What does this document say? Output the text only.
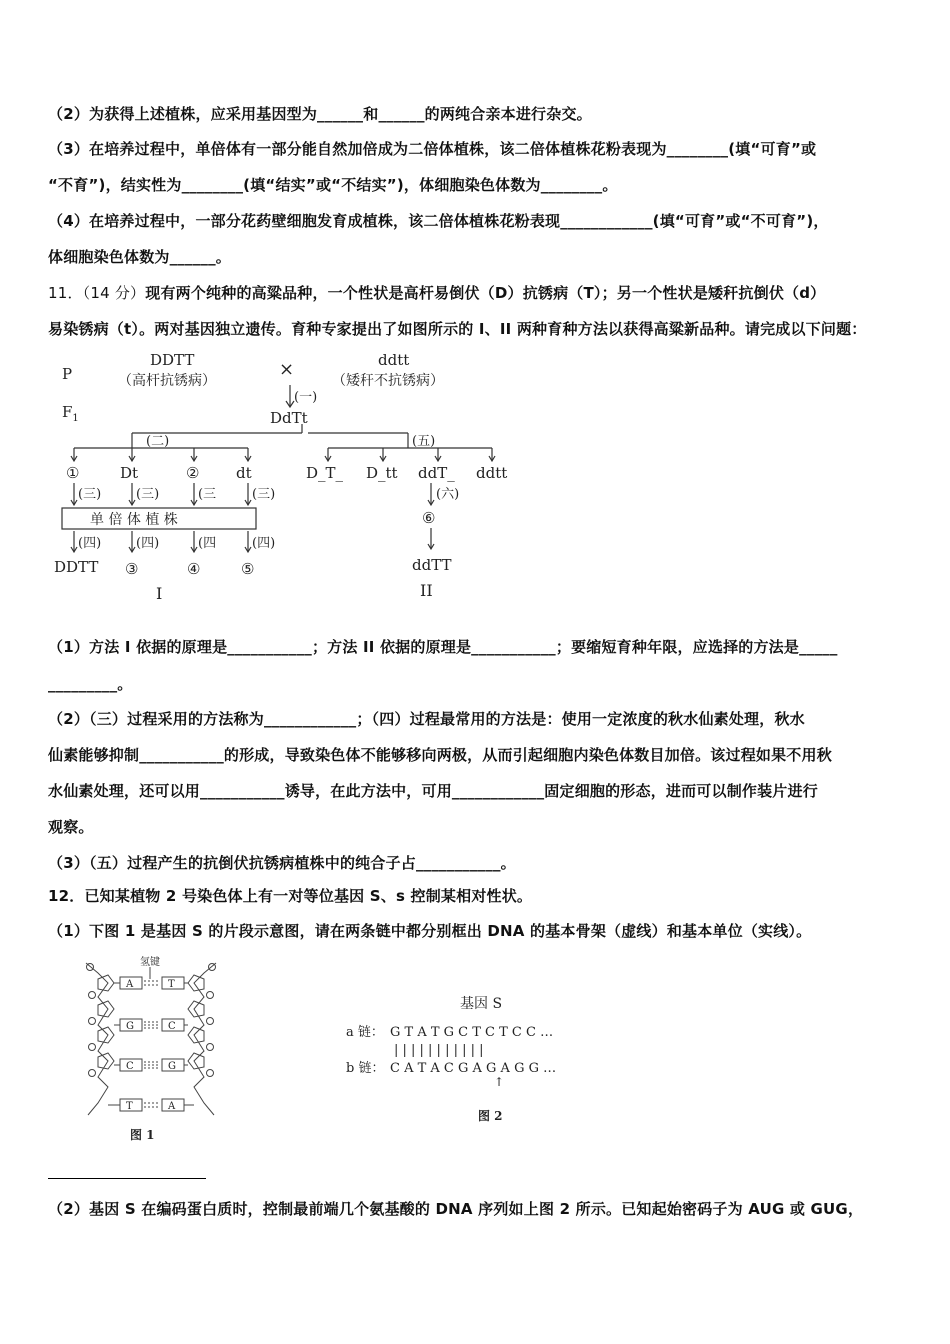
（2）为获得上述植株，应采用基因型为______和______的两纯合亲本进行杂交。
（3）在培养过程中，单倍体有一部分能自然加倍成为二倍体植株，该二倍体植株花粉表现为________(填“可育”或
“不育”)，结实性为________(填“结实”或“不结实”)，体细胞染色体数为________。
（4）在培养过程中，一部分花药壁细胞发育成植株，该二倍体植株花粉表现____________(填“可育”或“不可育”)，
体细胞染色体数为______。
11．（14 分）现有两个纯种的高粱品种，一个性状是高杆易倒伏（D）抗锈病（T）；另一个性状是矮秆抗倒伏（d）
易染锈病（t）。两对基因独立遗传。育种专家提出了如图所示的 I、II 两种育种方法以获得高粱新品种。请完成以下问题：
P
$F_1$
DDTT
（高杆抗锈病）
×	ddtt
（矮秆不抗锈病）
(一)
DdTt
(二)	(五)
①	Dt	② dt
(三)	(三)	(三	(三)
单 倍 体 植 株
(四)	(四)	(四	(四)
DDTT ③	④	⑤
I
D_T_ D_tt ddT_ ddtt
(六)
⑥
ddTT
II
（1）方法 I 依据的原理是___________；方法 II 依据的原理是___________；要缩短育种年限，应选择的方法是_____
_________。
（2）（三）过程采用的方法称为____________；（四）过程最常用的方法是：使用一定浓度的秋水仙素处理，秋水
仙素能够抑制___________的形成，导致染色体不能够移向两极，从而引起细胞内染色体数目加倍。该过程如果不用秋
水仙素处理，还可以用___________诱导，在此方法中，可用____________固定细胞的形态，进而可以制作装片进行
观察。
（3）（五）过程产生的抗倒伏抗锈病植株中的纯合子占___________。
12．已知某植物 2 号染色体上有一对等位基因 S、s 控制某相对性状。
（1）下图 1 是基因 S 的片段示意图，请在两条链中都分别框出 DNA 的基本骨架（虚线）和基本单位（实线）。
氢键
A	T
G	C
C	G
T	A
图 1
基因 S
a 链： G T A T G C T C T C C …
| | | | | | | | | | |
b 链： C A T A C G A G A G G …
↑
图 2
（2）基因 S 在编码蛋白质时，控制最前端几个氨基酸的 DNA 序列如上图 2 所示。已知起始密码子为 AUG 或 GUG，
